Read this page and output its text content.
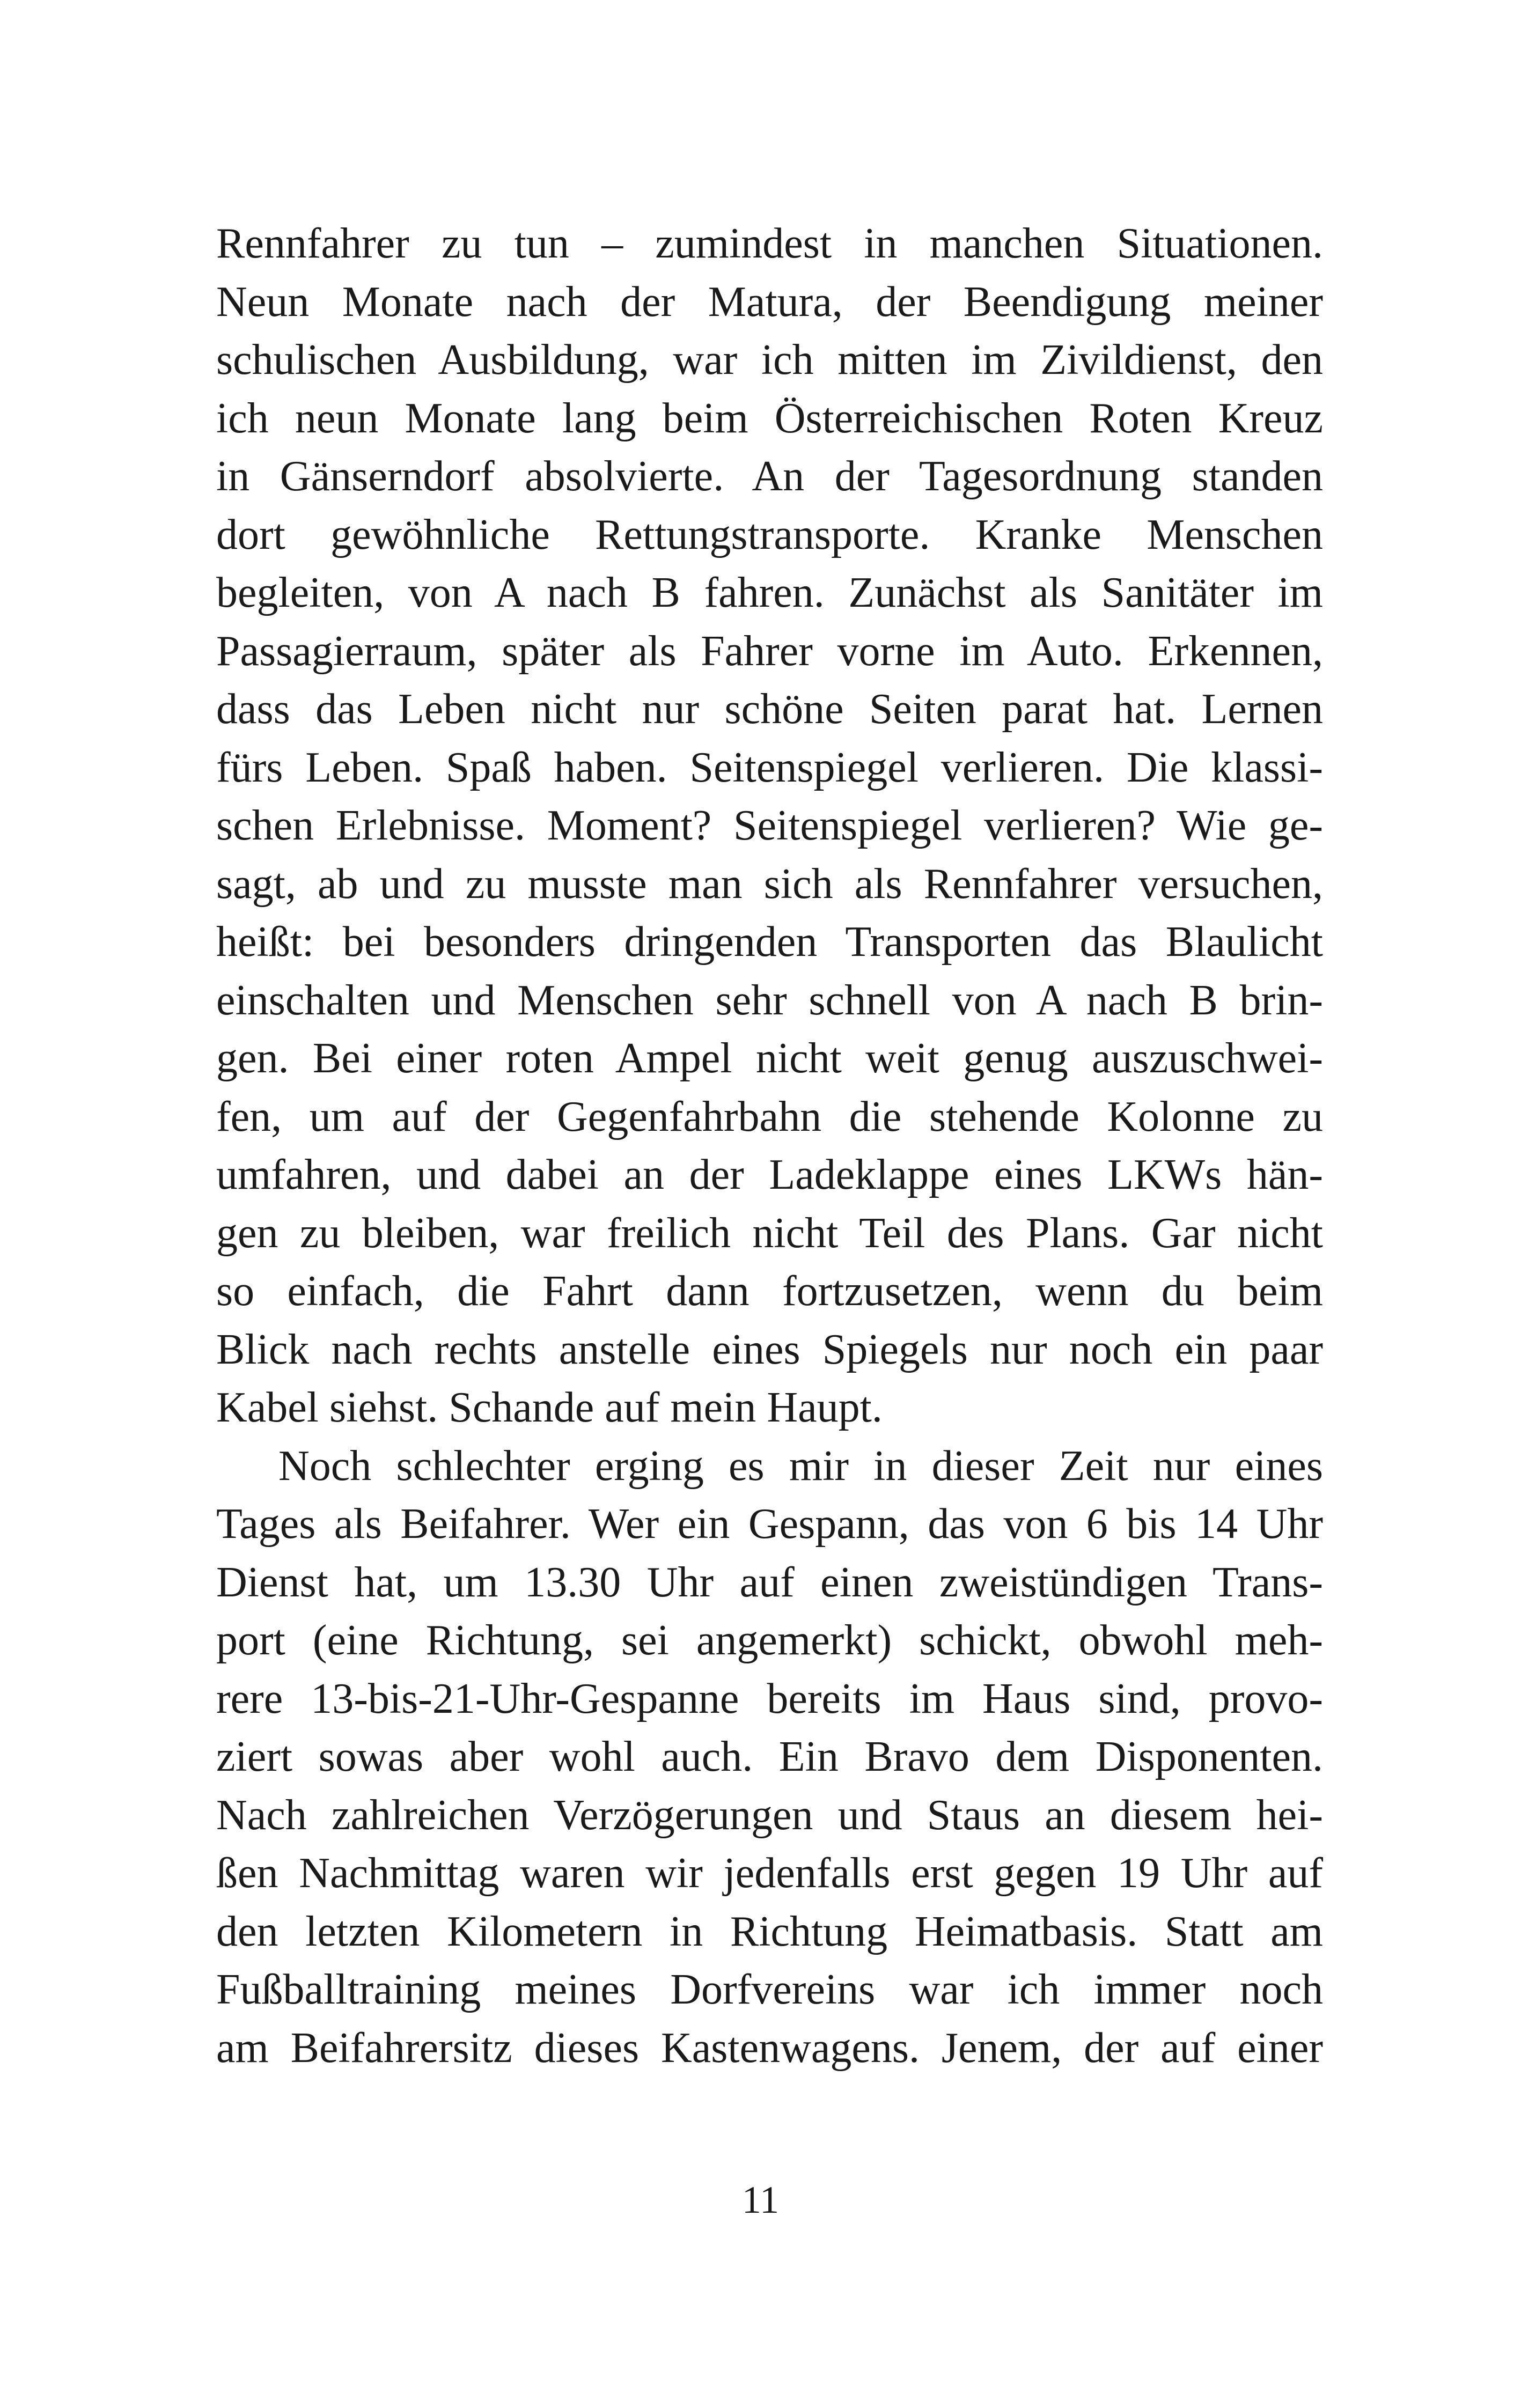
Rennfahrer zu tun – zumindest in manchen Situationen.
Neun Monate nach der Matura, der Beendigung meiner
schulischen Ausbildung, war ich mitten im Zivildienst, den
ich neun Monate lang beim Österreichischen Roten Kreuz
in Gänserndorf absolvierte. An der Tagesordnung standen
dort gewöhnliche Rettungstransporte. Kranke Menschen
begleiten, von A nach B fahren. Zunächst als Sanitäter im
Passagierraum, später als Fahrer vorne im Auto. Erkennen,
dass das Leben nicht nur schöne Seiten parat hat. Lernen
fürs Leben. Spaß haben. Seitenspiegel verlieren. Die klassi-
schen Erlebnisse. Moment? Seitenspiegel verlieren? Wie ge-
sagt, ab und zu musste man sich als Rennfahrer versuchen,
heißt: bei besonders dringenden Transporten das Blaulicht
einschalten und Menschen sehr schnell von A nach B brin-
gen. Bei einer roten Ampel nicht weit genug auszuschwei-
fen, um auf der Gegenfahrbahn die stehende Kolonne zu
umfahren, und dabei an der Ladeklappe eines LKWs hän-
gen zu bleiben, war freilich nicht Teil des Plans. Gar nicht
so einfach, die Fahrt dann fortzusetzen, wenn du beim
Blick nach rechts anstelle eines Spiegels nur noch ein paar
Kabel siehst. Schande auf mein Haupt.
Noch schlechter erging es mir in dieser Zeit nur eines
Tages als Beifahrer. Wer ein Gespann, das von 6 bis 14 Uhr
Dienst hat, um 13.30 Uhr auf einen zweistündigen Trans-
port (eine Richtung, sei angemerkt) schickt, obwohl meh-
rere 13-bis-21-Uhr-Gespanne bereits im Haus sind, provo-
ziert sowas aber wohl auch. Ein Bravo dem Disponenten.
Nach zahlreichen Verzögerungen und Staus an diesem hei-
ßen Nachmittag waren wir jedenfalls erst gegen 19 Uhr auf
den letzten Kilometern in Richtung Heimatbasis. Statt am
Fußballtraining meines Dorfvereins war ich immer noch
am Beifahrersitz dieses Kastenwagens. Jenem, der auf einer
11
